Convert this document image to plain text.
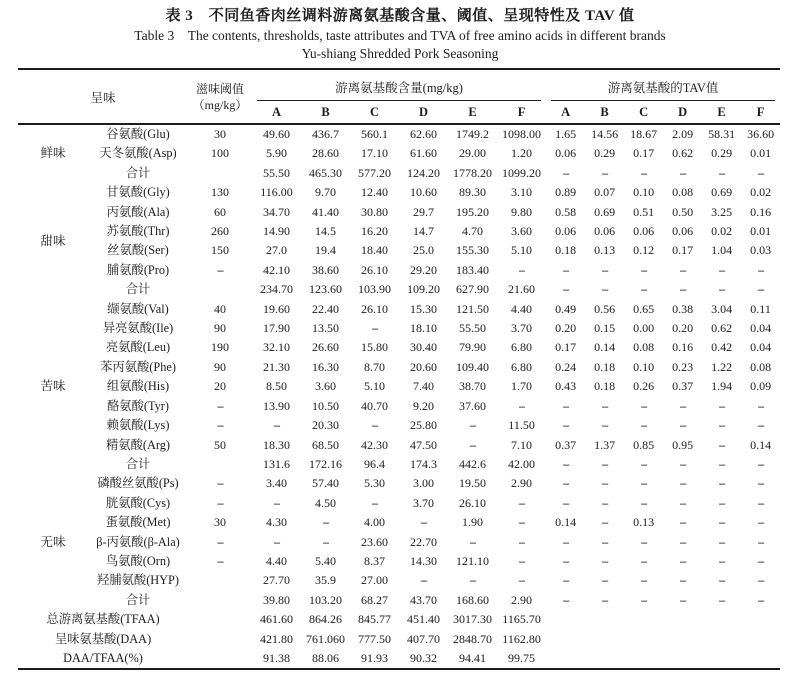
表 3　不同鱼香肉丝调料游离氨基酸含量、阈值、呈现特性及 TAV 值
Table 3　The contents, thresholds, taste attributes and TVA of free amino acids in different brands
Yu-shiang Shredded Pork Seasoning
呈味		滋味阈值
（mg/kg）	游离氨基酸含量(mg/kg)						游离氨基酸的TAV值					

			A	B	C	D	E	F	A	B	C	D	E	F
鲜味	谷氨酸(Glu)	30	49.60	436.7	560.1	62.60	1749.2	1098.00	1.65	14.56	18.67	2.09	58.31	36.60
	天冬氨酸(Asp)	100	5.90	28.60	17.10	61.60	29.00	1.20	0.06	0.29	0.17	0.62	0.29	0.01
	合计		55.50	465.30	577.20	124.20	1778.20	1099.20	–	–	–	–	–	–
甜味	甘氨酸(Gly)	130	116.00	9.70	12.40	10.60	89.30	3.10	0.89	0.07	0.10	0.08	0.69	0.02
	丙氨酸(Ala)	60	34.70	41.40	30.80	29.7	195.20	9.80	0.58	0.69	0.51	0.50	3.25	0.16
	苏氨酸(Thr)	260	14.90	14.5	16.20	14.7	4.70	3.60	0.06	0.06	0.06	0.06	0.02	0.01
	丝氨酸(Ser)	150	27.0	19.4	18.40	25.0	155.30	5.10	0.18	0.13	0.12	0.17	1.04	0.03
	脯氨酸(Pro)	–	42.10	38.60	26.10	29.20	183.40	–	–	–	–	–	–	–
	合计		234.70	123.60	103.90	109.20	627.90	21.60	–	–	–	–	–	–
苦味	缬氨酸(Val)	40	19.60	22.40	26.10	15.30	121.50	4.40	0.49	0.56	0.65	0.38	3.04	0.11
	异亮氨酸(Ile)	90	17.90	13.50	–	18.10	55.50	3.70	0.20	0.15	0.00	0.20	0.62	0.04
	亮氨酸(Leu)	190	32.10	26.60	15.80	30.40	79.90	6.80	0.17	0.14	0.08	0.16	0.42	0.04
	苯丙氨酸(Phe)	90	21.30	16.30	8.70	20.60	109.40	6.80	0.24	0.18	0.10	0.23	1.22	0.08
	组氨酸(His)	20	8.50	3.60	5.10	7.40	38.70	1.70	0.43	0.18	0.26	0.37	1.94	0.09
	酪氨酸(Tyr)	–	13.90	10.50	40.70	9.20	37.60	–	–	–	–	–	–	–
	赖氨酸(Lys)	–	–	20.30	–	25.80	–	11.50	–	–	–	–	–	–
	精氨酸(Arg)	50	18.30	68.50	42.30	47.50	–	7.10	0.37	1.37	0.85	0.95	–	0.14
	合计		131.6	172.16	96.4	174.3	442.6	42.00	–	–	–	–	–	–
无味	磷酸丝氨酸(Ps)	–	3.40	57.40	5.30	3.00	19.50	2.90	–	–	–	–	–	–
	胱氨酸(Cys)	–	–	4.50	–	3.70	26.10	–	–	–	–	–	–	–
	蛋氨酸(Met)	30	4.30	–	4.00	–	1.90	–	0.14	–	0.13	–	–	–
	β-丙氨酸(β-Ala)	–	–	–	23.60	22.70	–	–	–	–	–	–	–	–
	鸟氨酸(Orn)	–	4.40	5.40	8.37	14.30	121.10	–	–	–	–	–	–	–
	羟脯氨酸(HYP)		27.70	35.9	27.00	–	–	–	–	–	–	–	–	–
	合计		39.80	103.20	68.27	43.70	168.60	2.90	–	–	–	–	–	–
总游离氨基酸(TFAA)			461.60	864.26	845.77	451.40	3017.30	1165.70						
呈味氨基酸(DAA)			421.80	761.060	777.50	407.70	2848.70	1162.80						
DAA/TFAA(%)			91.38	88.06	91.93	90.32	94.41	99.75						
